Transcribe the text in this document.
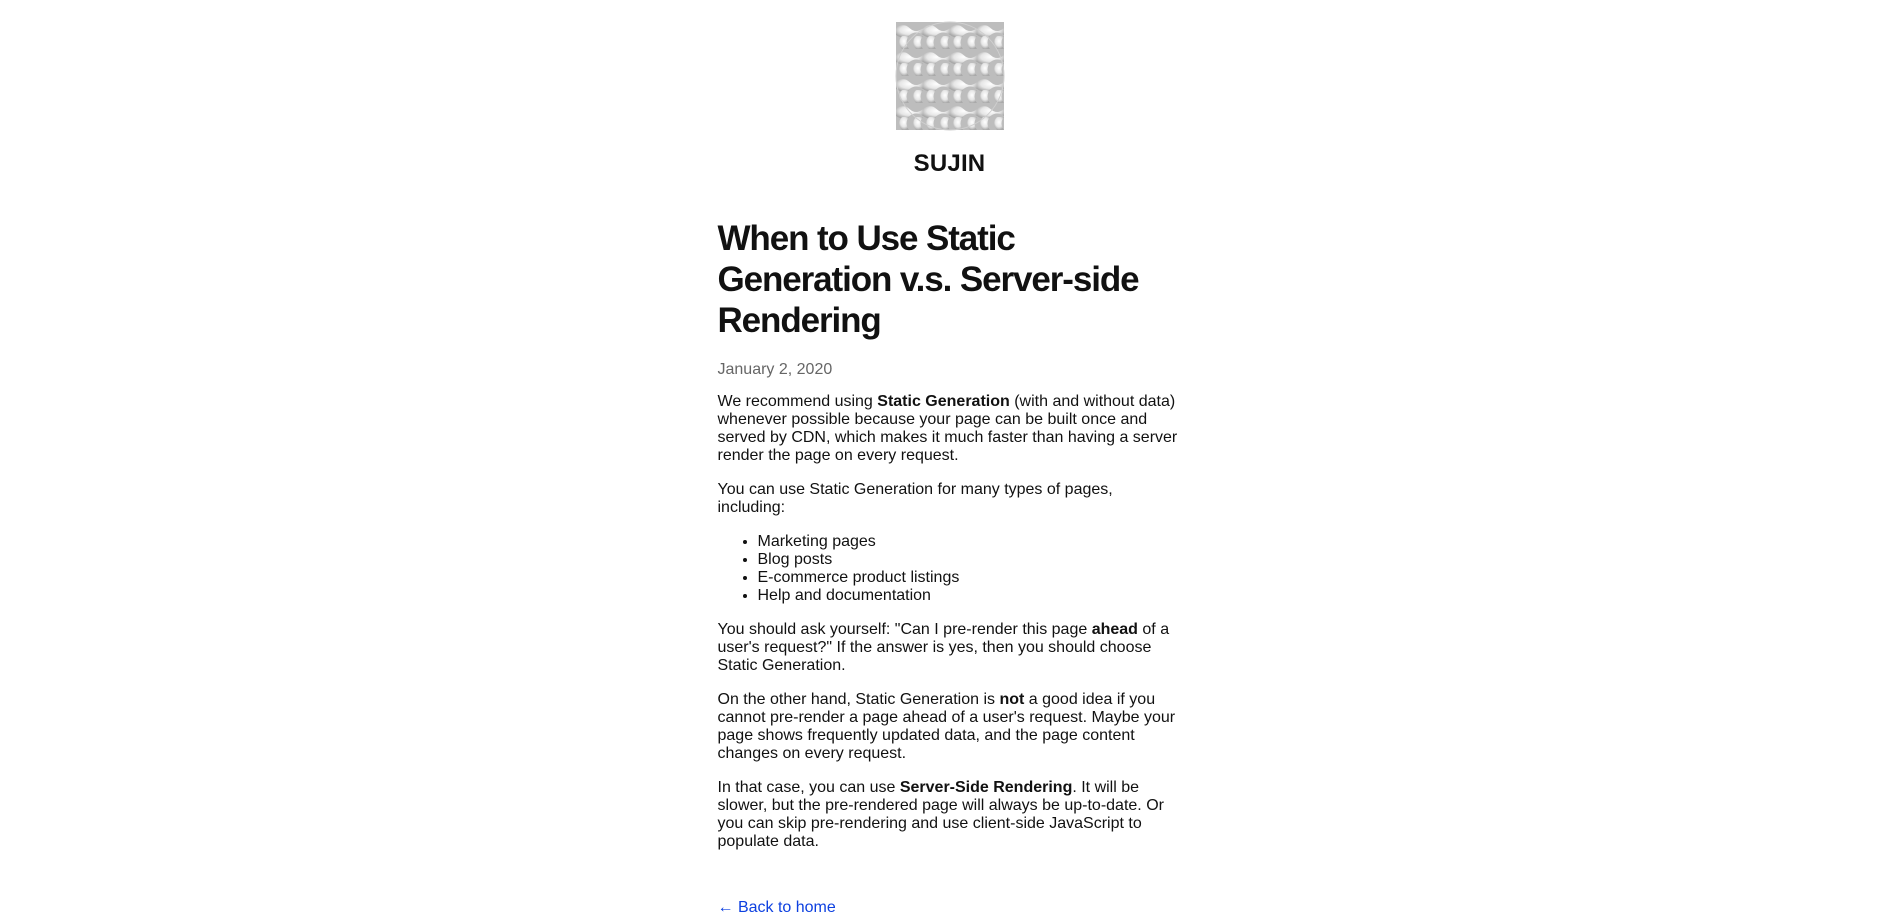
SUJIN
When to Use Static Generation v.s. Server-side Rendering
January 2, 2020

We recommend using Static Generation (with and without data) whenever possible because your page can be built once and served by CDN, which makes it much faster than having a server render the page on every request.

You can use Static Generation for many types of pages, including:

• Marketing pages
• Blog posts
• E-commerce product listings
• Help and documentation

You should ask yourself: "Can I pre-render this page ahead of a user's request?" If the answer is yes, then you should choose Static Generation.

On the other hand, Static Generation is not a good idea if you cannot pre-render a page ahead of a user's request. Maybe your page shows frequently updated data, and the page content changes on every request.

In that case, you can use Server-Side Rendering. It will be slower, but the pre-rendered page will always be up-to-date. Or you can skip pre-rendering and use client-side JavaScript to populate data.

← Back to home
